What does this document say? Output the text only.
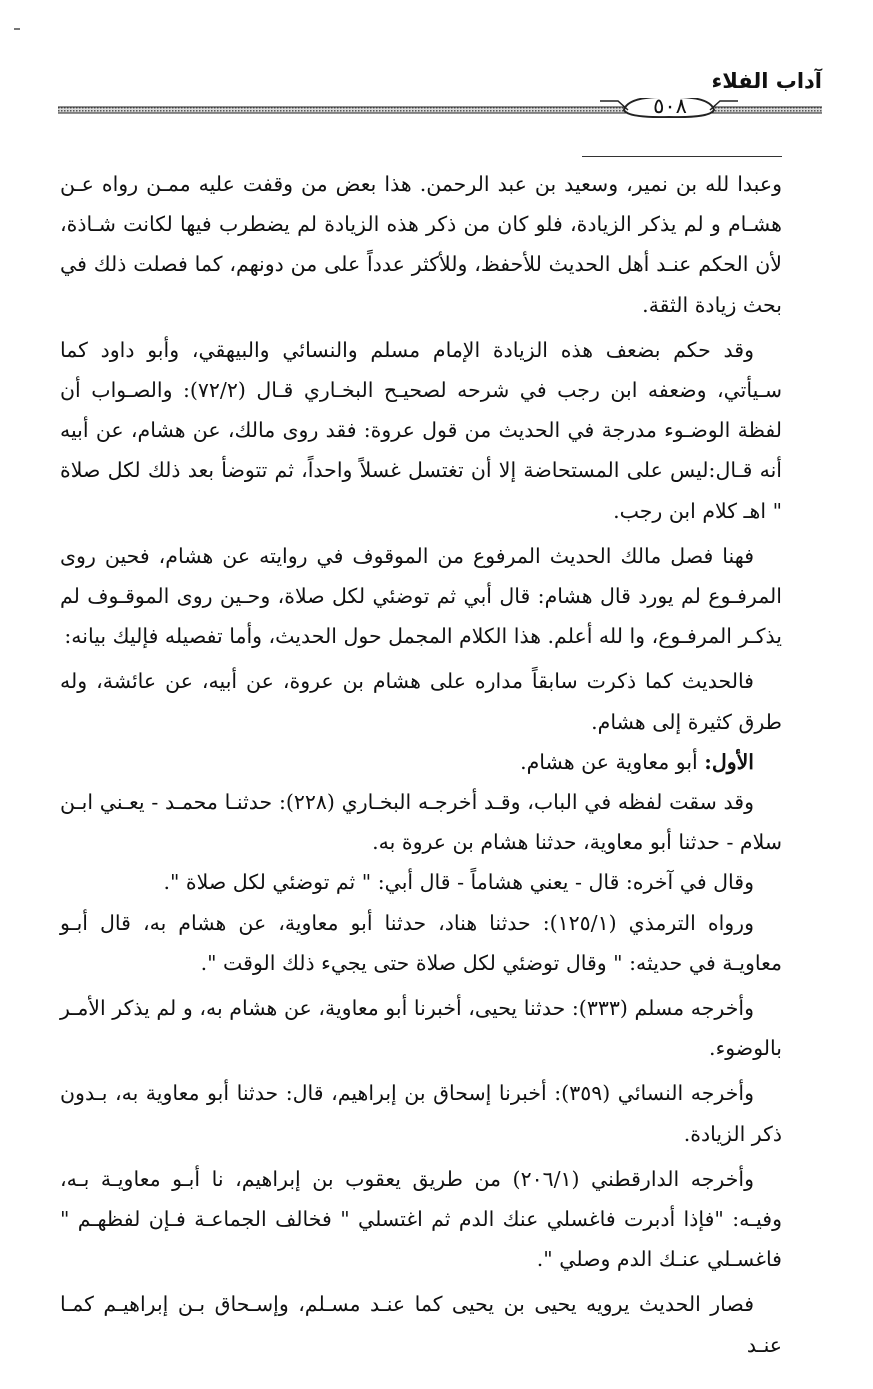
آداب الفلاء
٥٠٨

وعبدا لله بن نمير، وسعيد بن عبد الرحمن. هذا بعض من وقفت عليه ممـن رواه عـن هشـام و لم يذكر الزيادة، فلو كان من ذكر هذه الزيادة لم يضطرب فيها لكانت شـاذة، لأن الحكم عنـد أهل الحديث للأحفظ، وللأكثر عدداً على من دونهم، كما فصلت ذلك في بحث زيادة الثقة.

وقد حكم بضعف هذه الزيادة الإمام مسلم والنسائي والبيهقي، وأبو داود كما سـيأتي، وضعفه ابن رجب في شرحه لصحيـح البخـاري قـال (٧٢/٢): والصـواب أن لفظة الوضـوء مدرجة في الحديث من قول عروة: فقد روى مالك، عن هشام، عن أبيه أنه قـال:ليس على المستحاضة إلا أن تغتسل غسلاً واحداً، ثم تتوضأ بعد ذلك لكل صلاة " اهـ كلام ابن رجب.

فهنا فصل مالك الحديث المرفوع من الموقوف في روايته عن هشام، فحين روى المرفـوع لم يورد قال هشام: قال أبي ثم توضئي لكل صلاة، وحـين روى الموقـوف لم يذكـر المرفـوع، وا لله أعلم. هذا الكلام المجمل حول الحديث، وأما تفصيله فإليك بيانه:

فالحديث كما ذكرت سابقاً مداره على هشام بن عروة، عن أبيه، عن عائشة، وله طرق كثيرة إلى هشام.

الأول: أبو معاوية عن هشام.

وقد سقت لفظه في الباب، وقـد أخرجـه البخـاري (٢٢٨): حدثنـا محمـد - يعـني ابـن سلام - حدثنا أبو معاوية، حدثنا هشام بن عروة به.

وقال في آخره: قال - يعني هشاماً - قال أبي: " ثم توضئي لكل صلاة ".

ورواه الترمذي (١٢٥/١): حدثنا هناد، حدثنا أبو معاوية، عن هشام به، قال أبـو معاويـة في حديثه: " وقال توضئي لكل صلاة حتى يجيء ذلك الوقت ".

وأخرجه مسلم (٣٣٣): حدثنا يحيى، أخبرنا أبو معاوية، عن هشام به، و لم يذكر الأمـر بالوضوء.

وأخرجه النسائي (٣٥٩): أخبرنا إسحاق بن إبراهيم، قال: حدثنا أبو معاوية به، بـدون ذكر الزيادة.

وأخرجه الدارقطني (٢٠٦/١) من طريق يعقوب بن إبراهيم، نا أبـو معاويـة بـه، وفيـه: "فإذا أدبرت فاغسلي عنك الدم ثم اغتسلي " فخالف الجماعـة فـإن لفظهـم " فاغسـلي عنـك الدم وصلي ".

فصار الحديث يرويه يحيى بن يحيى كما عنـد مسـلم، وإسـحاق بـن إبراهيـم كمـا عنـد
